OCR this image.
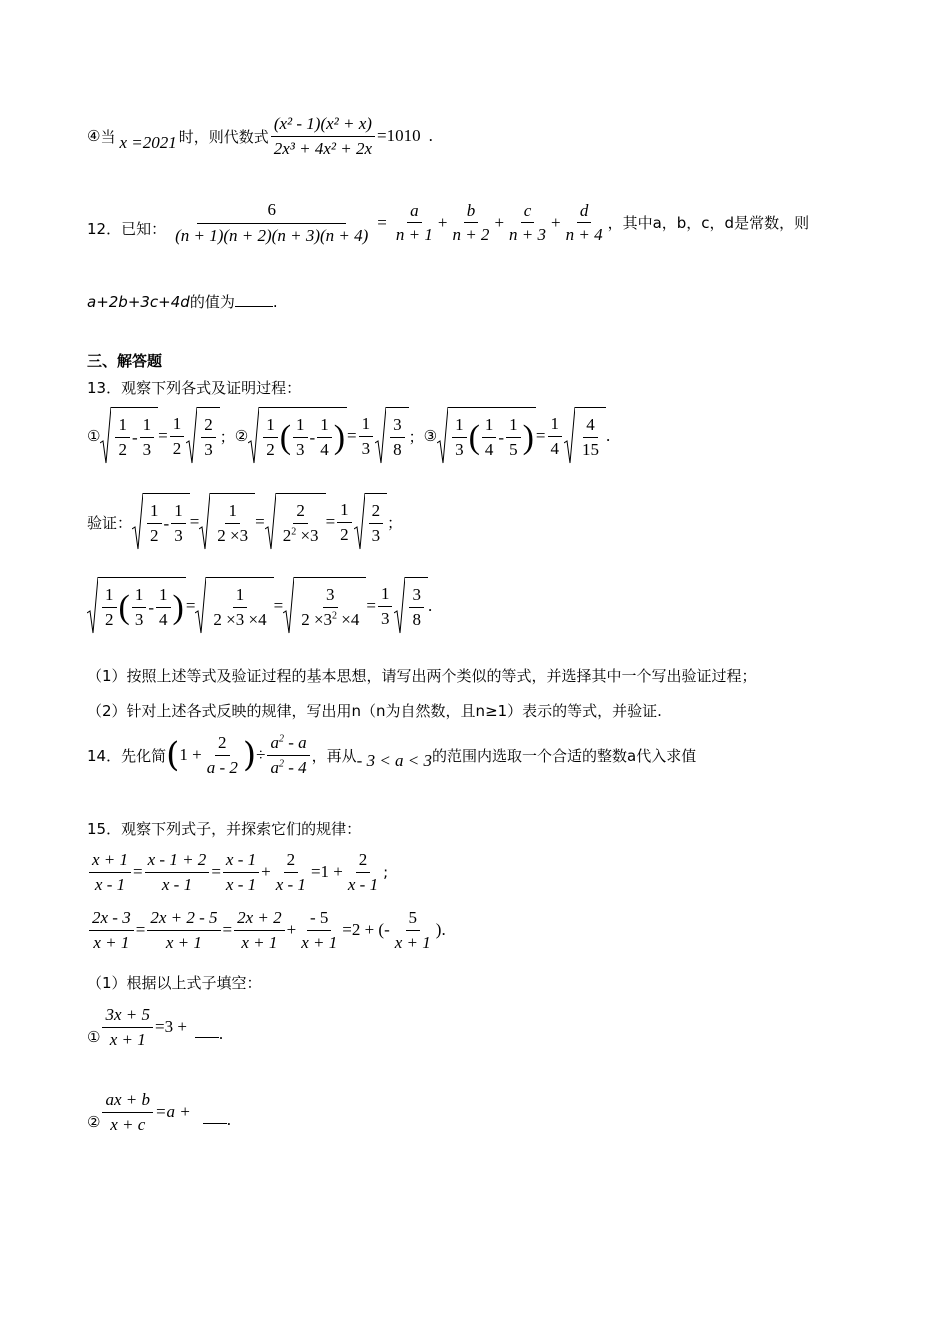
④ 当 x =2021 时，则代数式 $\frac{\text{(x² - 1)(x² + x)}}{\text{2x³ + 4x² + 2x}} =1010$ .
12．已知： $\frac{6}{(n + 1)(n + 2)(n + 3)(n + 4)} = \frac{a}{n + 1} + \frac{b}{n + 2} + \frac{c}{n + 3} + \frac{d}{n + 4}$ ，其中a，b，c，d是常数，则
a+2b+3c+4d的值为	.
三、解答题
13．观察下列各式及证明过程：
① $\frac{1}{2} - \frac{1}{3} = \frac{1}{2} \frac{2}{3}$ ； ② $\frac{1}{2}$ ( $\frac{1}{3} - \frac{1}{4}$ ) = $\frac{1}{3} \frac{3}{8}$ ； ③ $\frac{1}{3}$ ( $\frac{1}{4} - \frac{1}{5}$ ) = $\frac{1}{4} \frac{4}{15}$ .
验证： $\frac{1}{2} - \frac{1}{3} = \frac{1}{2 \times 3} = \frac{2}{2^2 \times 3} = \frac{1}{2} \frac{2}{3}$ ；
$\frac{1}{2}$ ( $\frac{1}{3} - \frac{1}{4}$ ) = $\frac{1}{2 \times 3 \times 4} = \frac{3}{2 \times 3^2 \times 4} = \frac{1}{3} \frac{3}{8}$ .
（1）按照上述等式及验证过程的基本思想，请写出两个类似的等式，并选择其中一个写出验证过程；
（2）针对上述各式反映的规律，写出用n（n为自然数，且n≥1）表示的等式，并验证.
14．先化简 ( $1 + \frac{2}{a - 2}$ ) ÷ $\frac{a^2 - a}{a^2 - 4}$ ，再从 - 3 < a < 3 的范围内选取一个合适的整数a代入求值
15．观察下列式子，并探索它们的规律：
$\frac{x + 1}{x - 1} = \frac{x - 1 + 2}{x - 1} = \frac{x - 1}{x - 1} + \frac{2}{x - 1} =1 + \frac{2}{x - 1}$ ;
$\frac{2x - 3}{x + 1} = \frac{2x + 2 - 5}{x + 1} = \frac{2x + 2}{x + 1} + \frac{- 5}{x + 1} =2$ + (- $\frac{5}{x + 1}$ ).
（1）根据以上式子填空：
① $\frac{3x + 5}{x + 1} =3$ + .
② $\frac{ax + b}{x + c} =a$ + .
